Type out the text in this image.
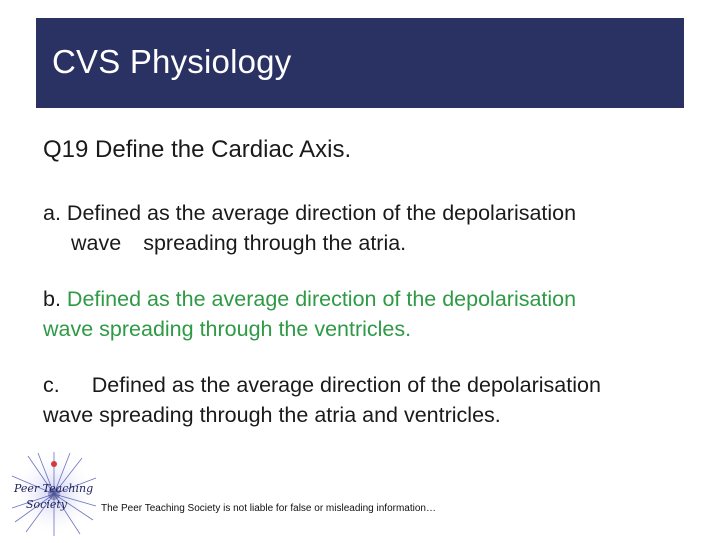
CVS Physiology
Q19 Define the Cardiac Axis.
a. Defined as the average direction of the depolarisation
wave spreading through the atria.
b. Defined as the average direction of the depolarisation
wave spreading through the ventricles.
c. Defined as the average direction of the depolarisation
wave spreading through the atria and ventricles.
Peer Teaching
Society	The Peer Teaching Society is not liable for false or misleading information…
